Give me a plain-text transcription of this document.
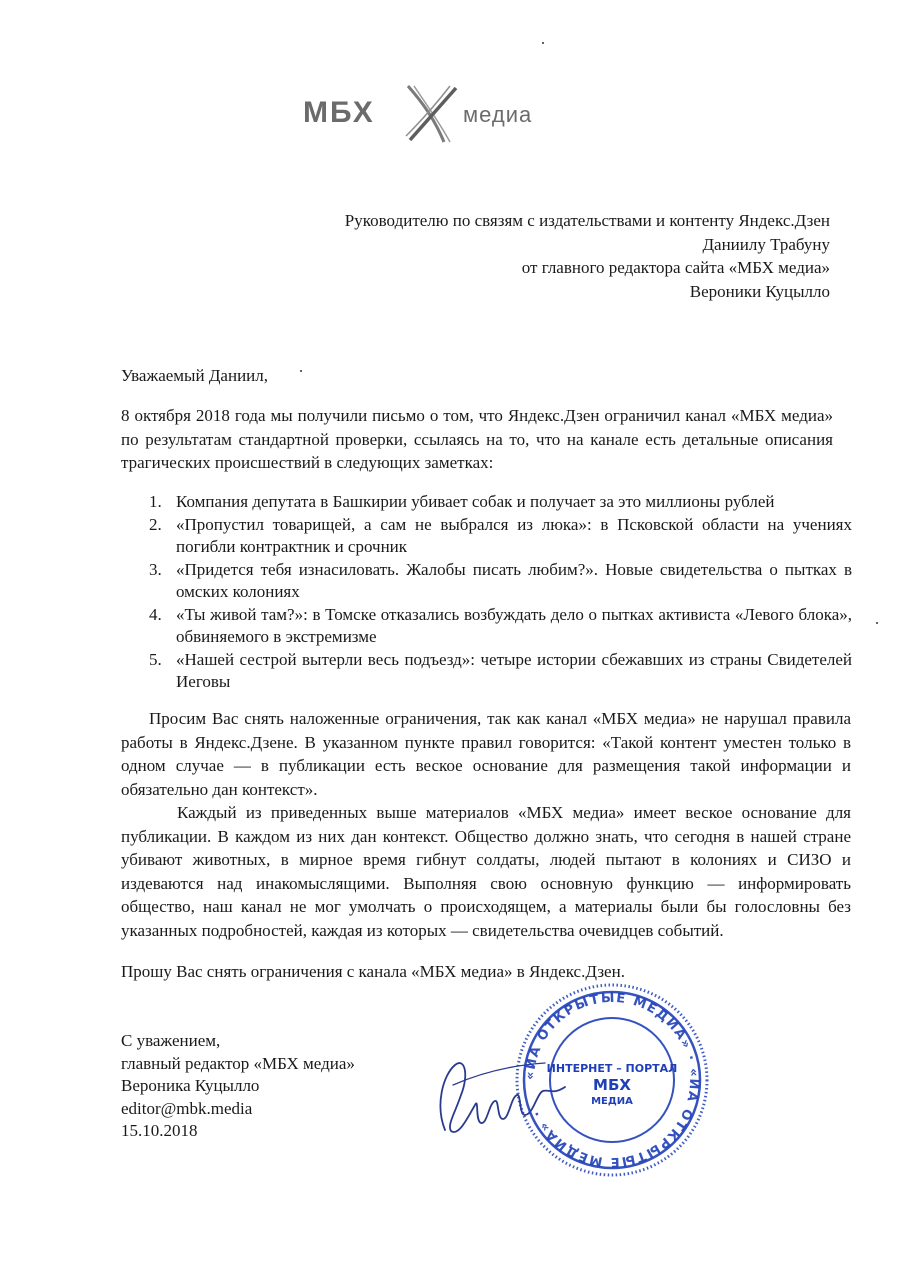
МБХ	медиа
Руководителю по связям с издательствами и контенту Яндекс.Дзен
Даниилу Трабуну
от главного редактора сайта «МБХ медиа»
Вероники Куцылло
Уважаемый Даниил,
8 октября 2018 года мы получили письмо о том, что Яндекс.Дзен ограничил канал «МБХ медиа» по результатам стандартной проверки, ссылаясь на то, что на канале есть детальные описания трагических происшествий в следующих заметках:
1. Компания депутата в Башкирии убивает собак и получает за это миллионы рублей
2. «Пропустил товарищей, а сам не выбрался из люка»: в Псковской области на учениях погибли контрактник и срочник
3. «Придется тебя изнасиловать. Жалобы писать любим?». Новые свидетельства о пытках в омских колониях
4. «Ты живой там?»: в Томске отказались возбуждать дело о пытках активиста «Левого блока», обвиняемого в экстремизме
5. «Нашей сестрой вытерли весь подъезд»: четыре истории сбежавших из страны Свидетелей Иеговы
Просим Вас снять наложенные ограничения, так как канал «МБХ медиа» не нарушал правила работы в Яндекс.Дзене. В указанном пункте правил говорится: «Такой контент уместен только в одном случае — в публикации есть веское основание для размещения такой информации и обязательно дан контекст».
Каждый из приведенных выше материалов «МБХ медиа» имеет веское основание для публикации. В каждом из них дан контекст. Общество должно знать, что сегодня в нашей стране убивают животных, в мирное время гибнут солдаты, людей пытают в колониях и СИЗО и издеваются над инакомыслящими. Выполняя свою основную функцию — информировать общество, наш канал не мог умолчать о происходящем, а материалы были бы голословны без указанных подробностей, каждая из которых — свидетельства очевидцев событий.
Прошу Вас снять ограничения с канала «МБХ медиа» в Яндекс.Дзен.
С уважением,
главный редактор «МБХ медиа»
Вероника Куцылло
editor@mbk.media
15.10.2018
«ИА ОТКРЫТЫЕ МЕДИА» · «ИА ОТКРЫТЫЕ МЕДИА» ·
ИНТЕРНЕТ – ПОРТАЛ
МБХ
МЕДИА
